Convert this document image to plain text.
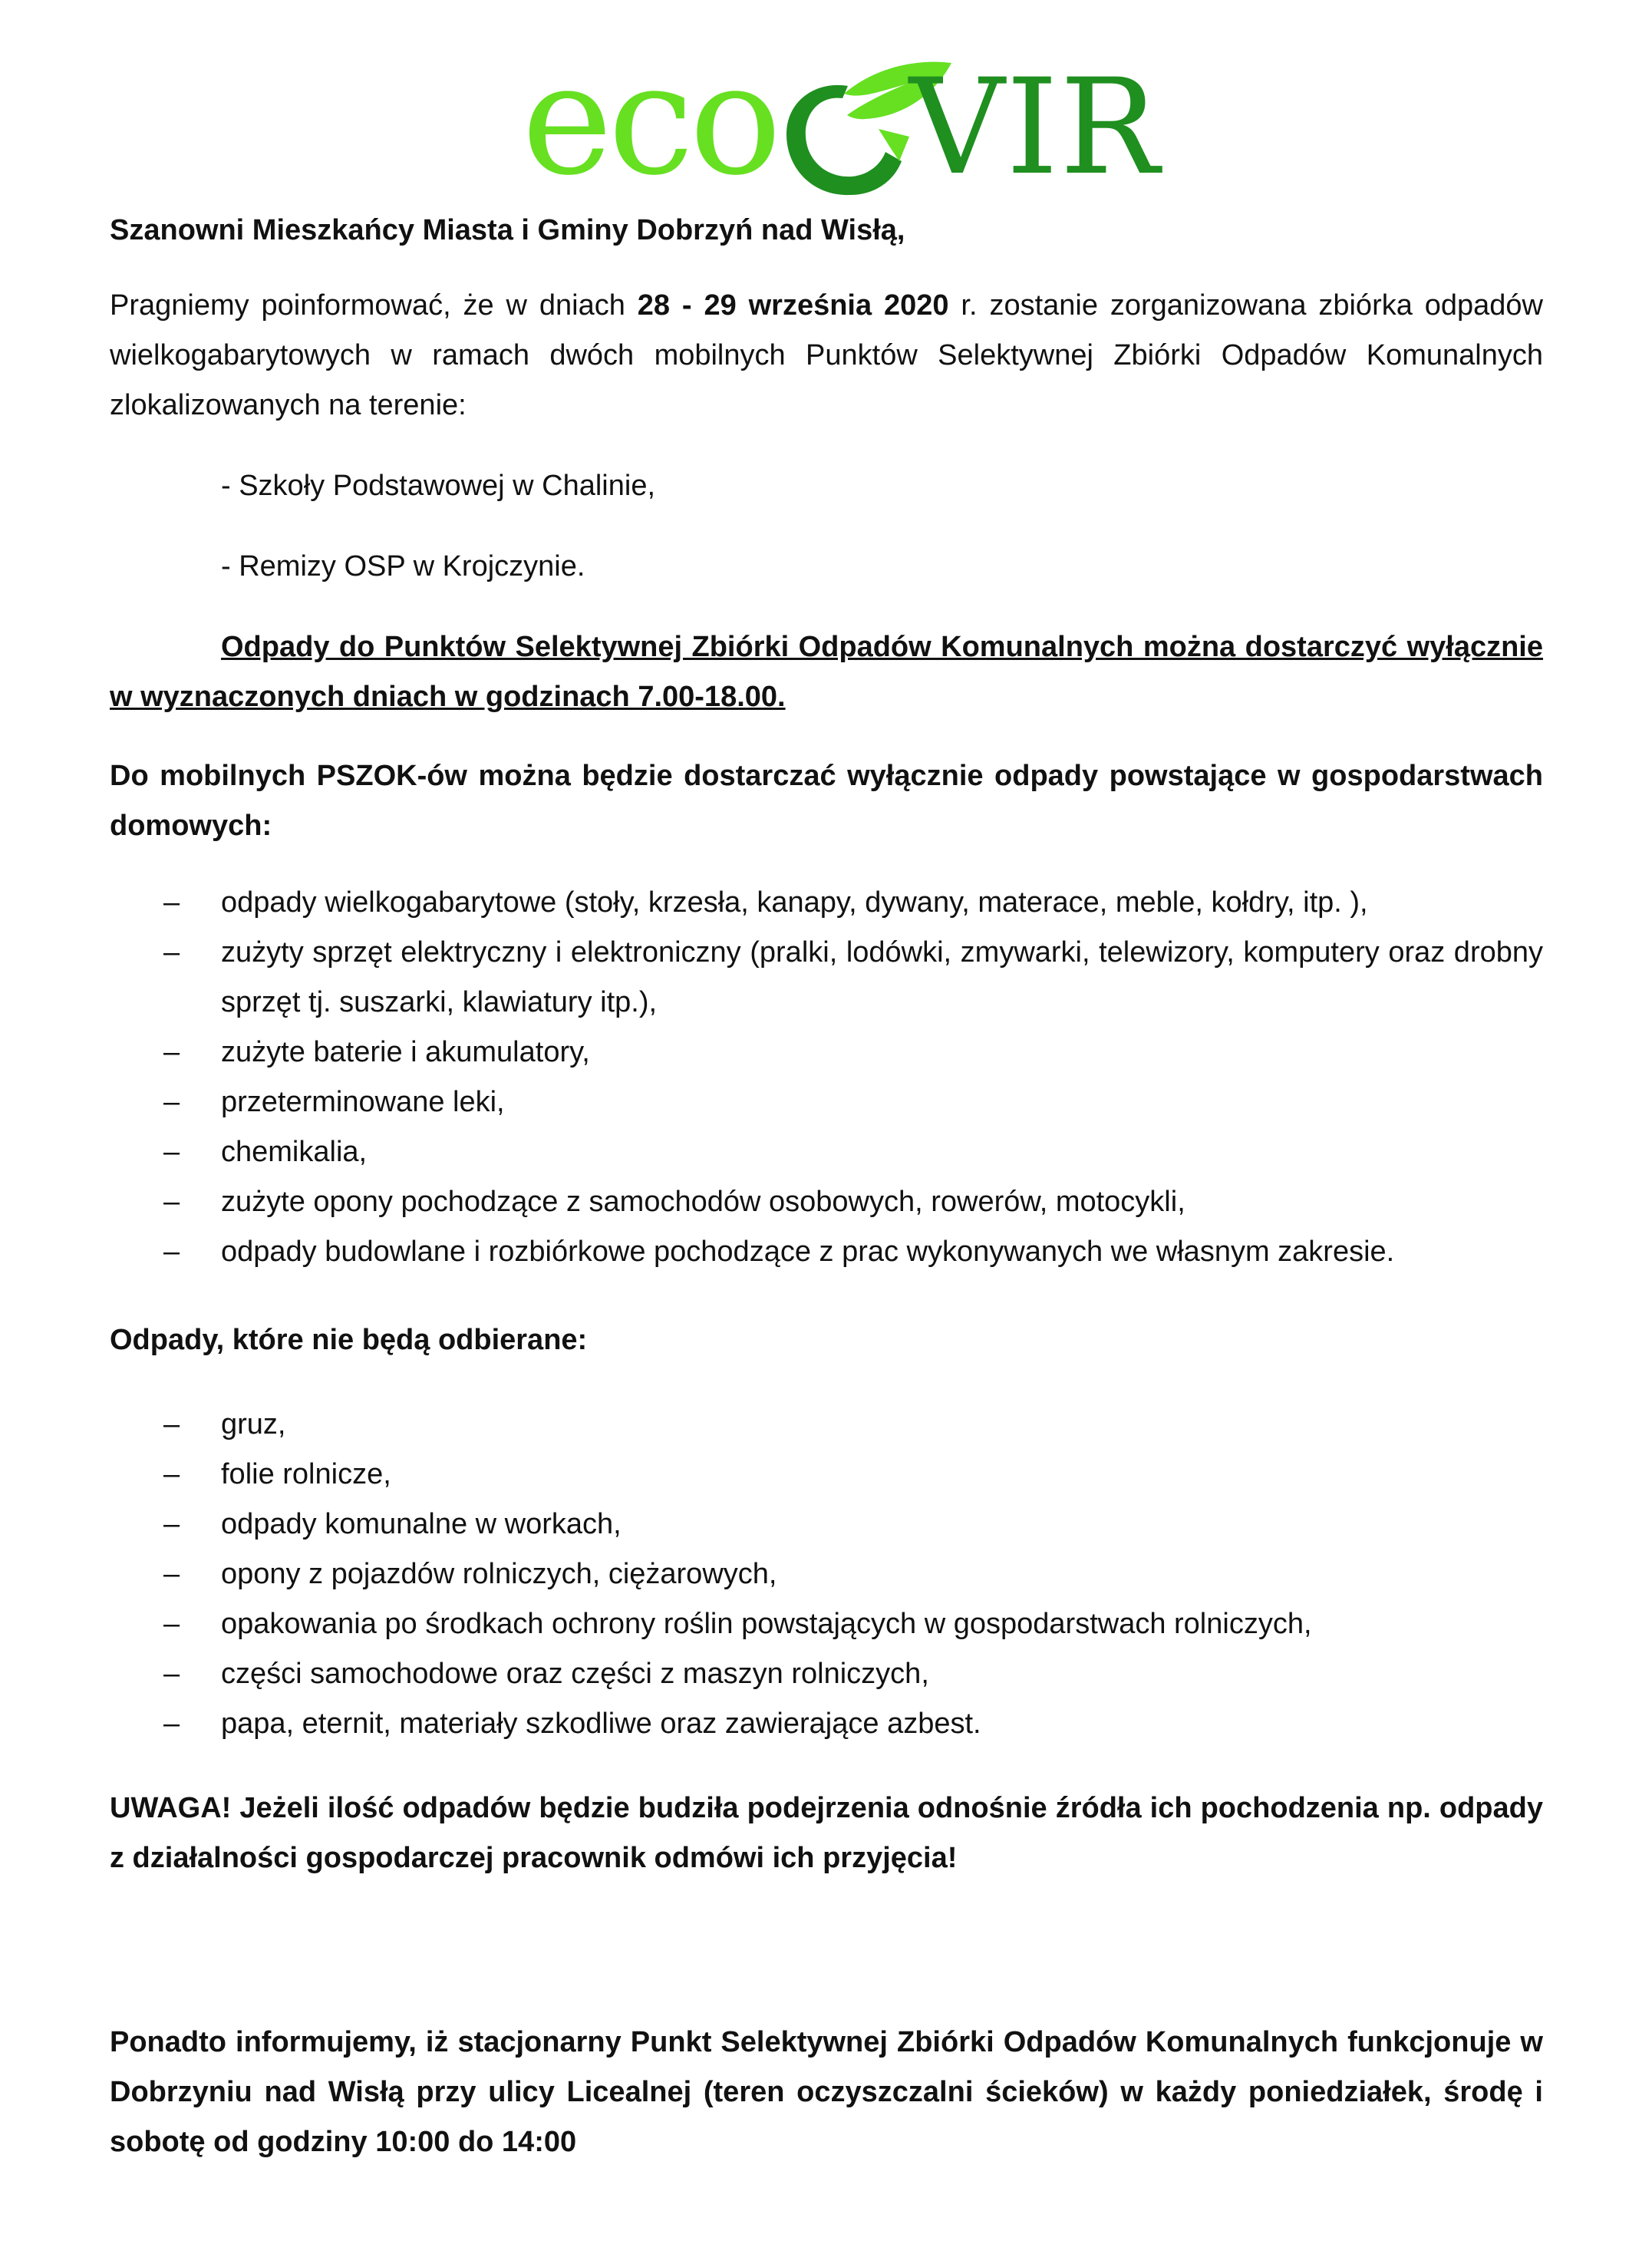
eco VIR

Szanowni Mieszkańcy Miasta i Gminy Dobrzyń nad Wisłą,

Pragniemy poinformować, że w dniach 28 - 29 września 2020 r. zostanie zorganizowana zbiórka odpadów wielkogabarytowych w ramach dwóch mobilnych Punktów Selektywnej Zbiórki Odpadów Komunalnych zlokalizowanych na terenie:

- Szkoły Podstawowej w Chalinie,

- Remizy OSP w Krojczynie.

Odpady do Punktów Selektywnej Zbiórki Odpadów Komunalnych można dostarczyć wyłącznie w wyznaczonych dniach w godzinach 7.00-18.00.

Do mobilnych PSZOK-ów można będzie dostarczać wyłącznie odpady powstające w gospodarstwach domowych:

– odpady wielkogabarytowe (stoły, krzesła, kanapy, dywany, materace, meble, kołdry, itp. ),
– zużyty sprzęt elektryczny i elektroniczny (pralki, lodówki, zmywarki, telewizory, komputery oraz drobny sprzęt tj. suszarki, klawiatury itp.),
– zużyte baterie i akumulatory,
– przeterminowane leki,
– chemikalia,
– zużyte opony pochodzące z samochodów osobowych, rowerów, motocykli,
– odpady budowlane i rozbiórkowe pochodzące z prac wykonywanych we własnym zakresie.

Odpady, które nie będą odbierane:

– gruz,
– folie rolnicze,
– odpady komunalne w workach,
– opony z pojazdów rolniczych, ciężarowych,
– opakowania po środkach ochrony roślin powstających w gospodarstwach rolniczych,
– części samochodowe oraz części z maszyn rolniczych,
– papa, eternit, materiały szkodliwe oraz zawierające azbest.

UWAGA! Jeżeli ilość odpadów będzie budziła podejrzenia odnośnie źródła ich pochodzenia np. odpady z działalności gospodarczej pracownik odmówi ich przyjęcia!

Ponadto informujemy, iż stacjonarny Punkt Selektywnej Zbiórki Odpadów Komunalnych funkcjonuje w Dobrzyniu nad Wisłą przy ulicy Licealnej (teren oczyszczalni ścieków) w każdy poniedziałek, środę i sobotę od godziny 10:00 do 14:00
